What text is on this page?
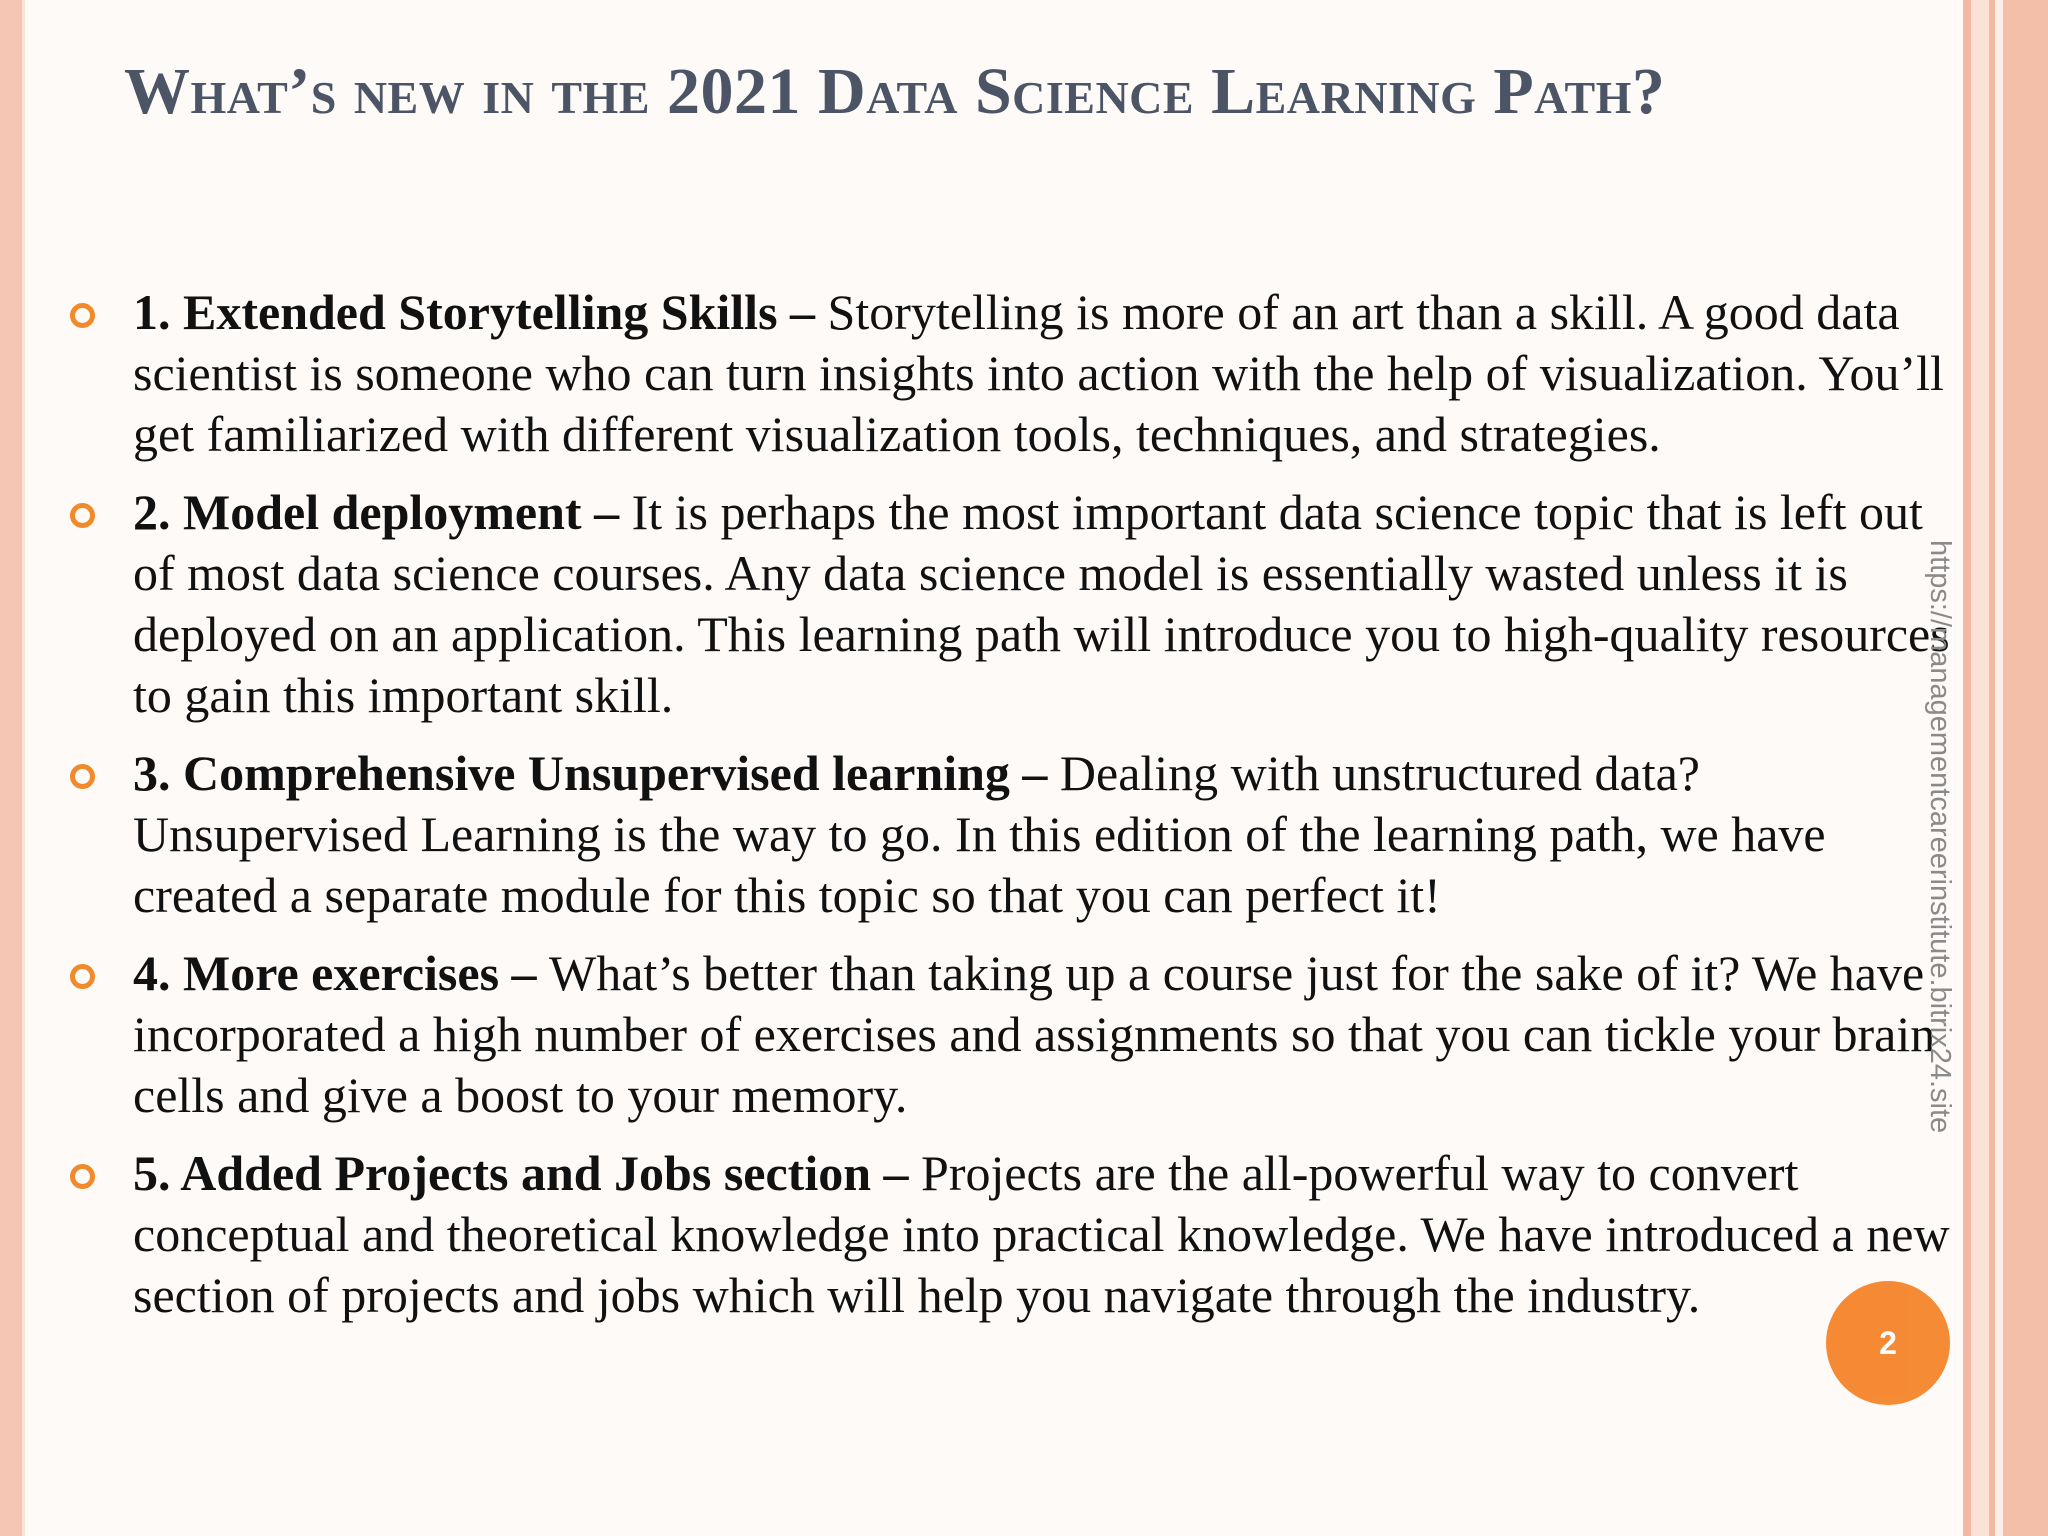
What’s new in the 2021 Data Science Learning Path?
1. Extended Storytelling Skills – Storytelling is more of an art than a skill. A good data scientist is someone who can turn insights into action with the help of visualization. You’ll get familiarized with different visualization tools, techniques, and strategies.
2. Model deployment – It is perhaps the most important data science topic that is left out of most data science courses. Any data science model is essentially wasted unless it is deployed on an application. This learning path will introduce you to high-quality resources to gain this important skill.
3. Comprehensive Unsupervised learning – Dealing with unstructured data? Unsupervised Learning is the way to go. In this edition of the learning path, we have created a separate module for this topic so that you can perfect it!
4. More exercises – What’s better than taking up a course just for the sake of it? We have incorporated a high number of exercises and assignments so that you can tickle your brain cells and give a boost to your memory.
5. Added Projects and Jobs section – Projects are the all-powerful way to convert conceptual and theoretical knowledge into practical knowledge. We have introduced a new section of projects and jobs which will help you navigate through the industry.
https://managementcareerinstitute.bitrix24.site
2
